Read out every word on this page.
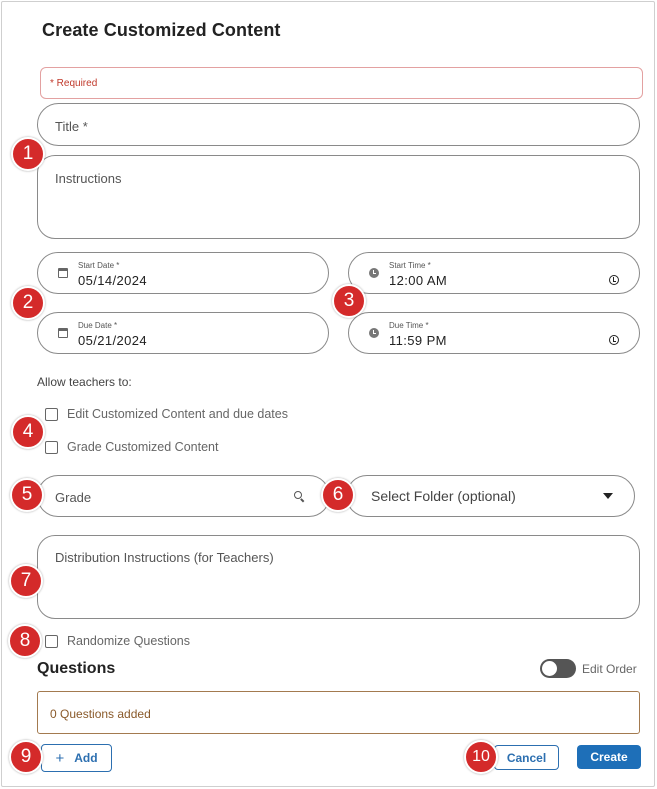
Create Customized Content
* Required
Title *
Instructions
Start Date *
05/14/2024
Start Time *
12:00 AM
Due Date *
05/21/2024
Due Time *
11:59 PM
Allow teachers to:
Edit Customized Content and due dates
Grade Customized Content
Grade	Select Folder (optional)
Distribution Instructions (for Teachers)
Randomize Questions
Questions	Edit Order
0 Questions added
+ Add	Cancel	Create
1
2	3
4
5	6
7
8
9	10
